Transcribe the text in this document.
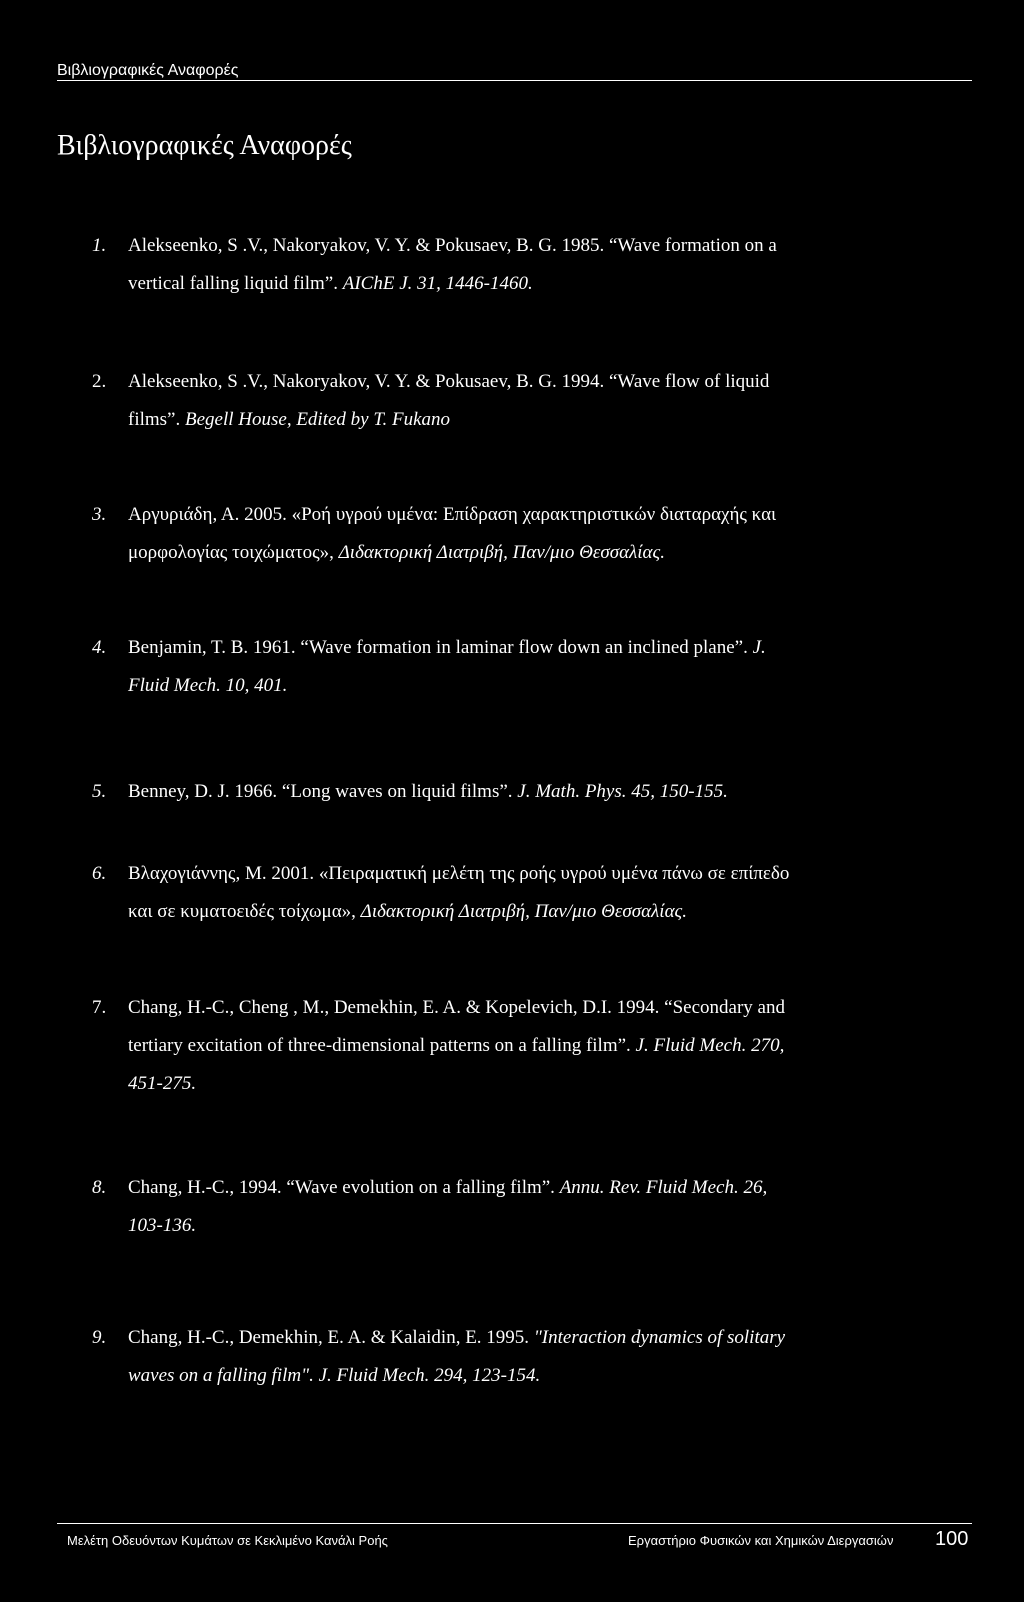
Βιβλιογραφικές Αναφορές
Βιβλιογραφικές Αναφορές
1. Alekseenko, S .V., Nakoryakov, V. Y. & Pokusaev, B. G. 1985. “Wave formation on a
vertical falling liquid film”. AIChE J. 31, 1446-1460.
2. Alekseenko, S .V., Nakoryakov, V. Y. & Pokusaev, B. G. 1994. “Wave flow of liquid
films”. Begell House, Edited by T. Fukano
3. Αργυριάδη, Α. 2005. «Ροή υγρού υμένα: Επίδραση χαρακτηριστικών διαταραχής και
μορφολογίας τοιχώματος», Διδακτορική Διατριβή, Παν/μιο Θεσσαλίας.
4. Benjamin, T. B. 1961. “Wave formation in laminar flow down an inclined plane”. J.
Fluid Mech. 10, 401.
5. Benney, D. J. 1966. “Long waves on liquid films”. J. Math. Phys. 45, 150-155.
6. Βλαχογιάννης, Μ. 2001. «Πειραματική μελέτη της ροής υγρού υμένα πάνω σε επίπεδο
και σε κυματοειδές τοίχωμα», Διδακτορική Διατριβή, Παν/μιο Θεσσαλίας.
7. Chang, H.-C., Cheng , M., Demekhin, E. A. & Kopelevich, D.I. 1994. “Secondary and
tertiary excitation of three-dimensional patterns on a falling film”. J. Fluid Mech. 270,
451-275.
8. Chang, H.-C., 1994. “Wave evolution on a falling film”. Annu. Rev. Fluid Mech. 26,
103-136.
9. Chang, H.-C., Demekhin, E. A. & Kalaidin, E. 1995. "Interaction dynamics of solitary
waves on a falling film". J. Fluid Mech. 294, 123-154.
Μελέτη Οδευόντων Κυμάτων σε Κεκλιμένο Κανάλι Ροής	Εργαστήριο Φυσικών και Χημικών Διεργασιών 100
